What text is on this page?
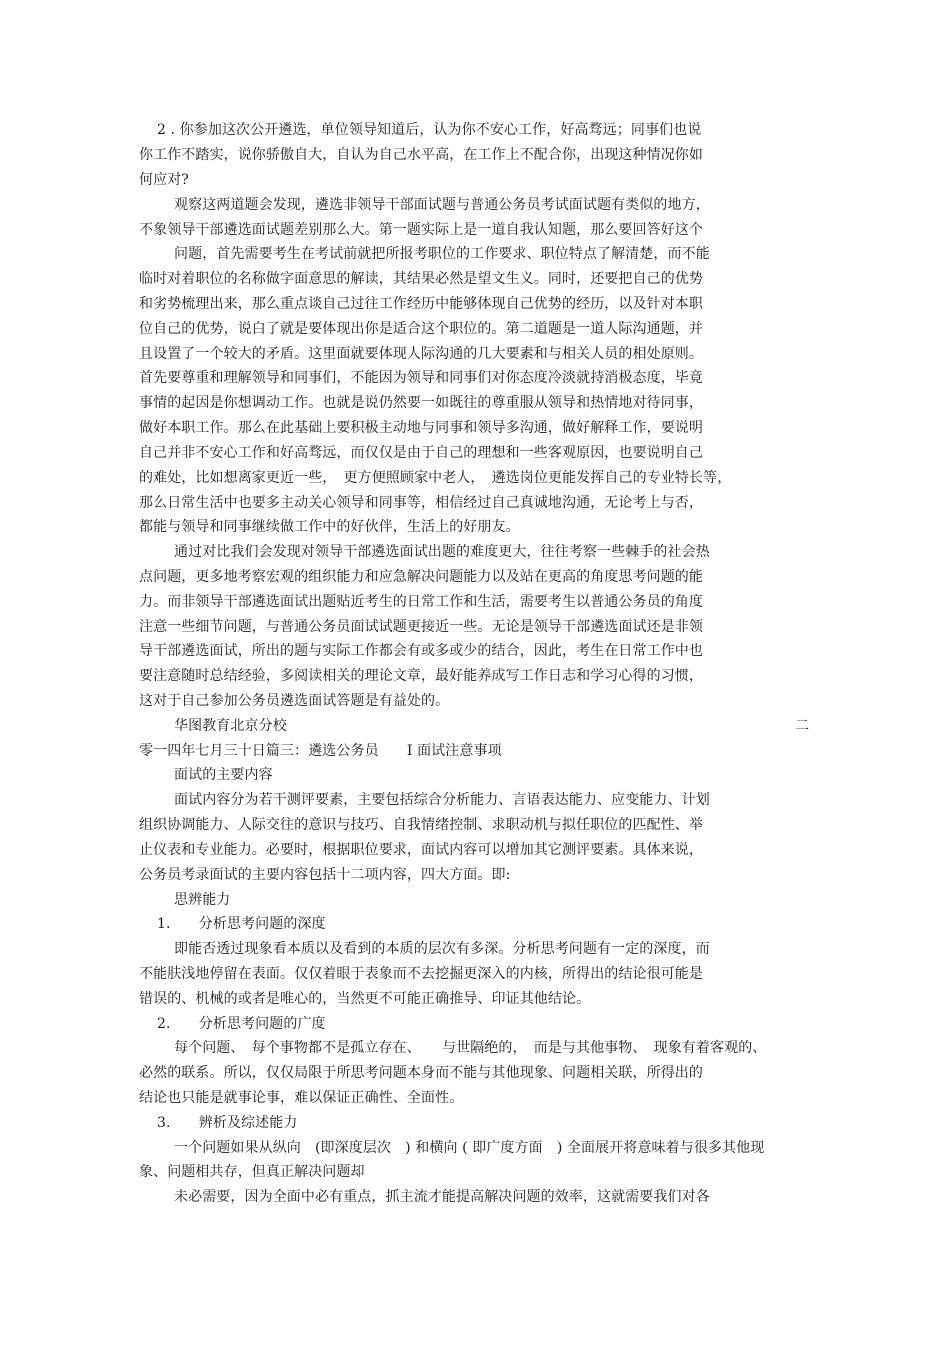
2 . 你参加这次公开遴选，单位领导知道后，认为你不安心工作，好高骛远；同事们也说
你工作不踏实，说你骄傲自大，自认为自己水平高，在工作上不配合你，出现这种情况你如
何应对?
观察这两道题会发现，遴选非领导干部面试题与普通公务员考试面试题有类似的地方，
不象领导干部遴选面试题差别那么大。第一题实际上是一道自我认知题，那么要回答好这个
问题，首先需要考生在考试前就把所报考职位的工作要求、职位特点了解清楚，而不能
临时对着职位的名称做字面意思的解读，其结果必然是望文生义。同时，还要把自己的优势
和劣势梳理出来，那么重点谈自己过往工作经历中能够体现自己优势的经历，以及针对本职
位自己的优势，说白了就是要体现出你是适合这个职位的。第二道题是一道人际沟通题，并
且设置了一个较大的矛盾。这里面就要体现人际沟通的几大要素和与相关人员的相处原则。
首先要尊重和理解领导和同事们，不能因为领导和同事们对你态度冷淡就持消极态度，毕竟
事情的起因是你想调动工作。也就是说仍然要一如既往的尊重服从领导和热情地对待同事，
做好本职工作。那么在此基础上要积极主动地与同事和领导多沟通，做好解释工作，要说明
自己并非不安心工作和好高骛远，而仅仅是由于自己的理想和一些客观原因，也要说明自己
的难处，比如想离家更近一些，　更方便照顾家中老人，　遴选岗位更能发挥自己的专业特长等，
那么日常生活中也要多主动关心领导和同事等，相信经过自己真诚地沟通，无论考上与否，
都能与领导和同事继续做工作中的好伙伴，生活上的好朋友。
通过对比我们会发现对领导干部遴选面试出题的难度更大，往往考察一些棘手的社会热
点问题，更多地考察宏观的组织能力和应急解决问题能力以及站在更高的角度思考问题的能
力。而非领导干部遴选面试出题贴近考生的日常工作和生活，需要考生以普通公务员的角度
注意一些细节问题，与普通公务员面试试题更接近一些。无论是领导干部遴选面试还是非领
导干部遴选面试，所出的题与实际工作都会有或多或少的结合，因此，考生在日常工作中也
要注意随时总结经验，多阅读相关的理论文章，最好能养成写工作日志和学习心得的习惯，
这对于自己参加公务员遴选面试答题是有益处的。
华图教育北京分校	二
零一四年七月三十日篇三：遴选公务员　　I 面试注意事项
面试的主要内容
面试内容分为若干测评要素，主要包括综合分析能力、言语表达能力、应变能力、计划
组织协调能力、人际交往的意识与技巧、自我情绪控制、求职动机与拟任职位的匹配性、举
止仪表和专业能力。必要时，根据职位要求，面试内容可以增加其它测评要素。具体来说，
公务员考录面试的主要内容包括十二项内容，四大方面。即:
思辨能力
1.　　分析思考问题的深度
即能否透过现象看本质以及看到的本质的层次有多深。分析思考问题有一定的深度，而
不能肤浅地停留在表面。仅仅着眼于表象而不去挖掘更深入的内核，所得出的结论很可能是
错误的、机械的或者是唯心的，当然更不可能正确推导、印证其他结论。
2.　　分析思考问题的广度
每个问题、　每个事物都不是孤立存在、　　与世隔绝的，　而是与其他事物、　现象有着客观的、
必然的联系。所以，仅仅局限于所思考问题本身而不能与其他现象、问题相关联，所得出的
结论也只能是就事论事，难以保证正确性、全面性。
3.　　辨析及综述能力
一个问题如果从纵向　(即深度层次　) 和横向 ( 即广度方面　) 全面展开将意味着与很多其他现
象、问题相共存，但真正解决问题却
未必需要，因为全面中必有重点，抓主流才能提高解决问题的效率，这就需要我们对各
